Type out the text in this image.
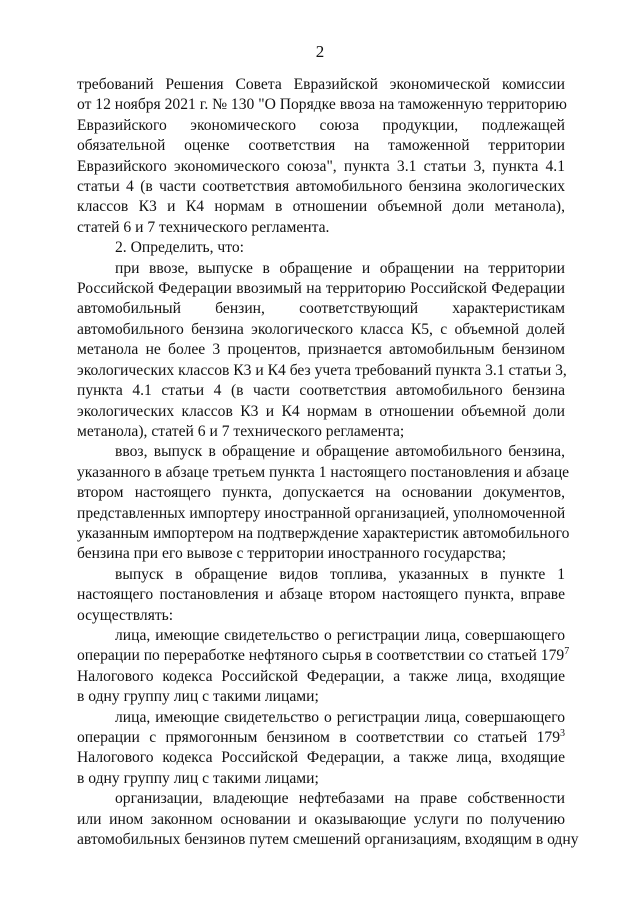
2
требований Решения Совета Евразийской экономической комиссии
от 12 ноября 2021 г. № 130 "О Порядке ввоза на таможенную территорию
Евразийского экономического союза продукции, подлежащей
обязательной оценке соответствия на таможенной территории
Евразийского экономического союза", пункта 3.1 статьи 3, пункта 4.1
статьи 4 (в части соответствия автомобильного бензина экологических
классов К3 и К4 нормам в отношении объемной доли метанола),
статей 6 и 7 технического регламента.
2. Определить, что:
при ввозе, выпуске в обращение и обращении на территории
Российской Федерации ввозимый на территорию Российской Федерации
автомобильный бензин, соответствующий характеристикам
автомобильного бензина экологического класса К5, с объемной долей
метанола не более 3 процентов, признается автомобильным бензином
экологических классов К3 и К4 без учета требований пункта 3.1 статьи 3,
пункта 4.1 статьи 4 (в части соответствия автомобильного бензина
экологических классов К3 и К4 нормам в отношении объемной доли
метанола), статей 6 и 7 технического регламента;
ввоз, выпуск в обращение и обращение автомобильного бензина,
указанного в абзаце третьем пункта 1 настоящего постановления и абзаце
втором настоящего пункта, допускается на основании документов,
представленных импортеру иностранной организацией, уполномоченной
указанным импортером на подтверждение характеристик автомобильного
бензина при его вывозе с территории иностранного государства;
выпуск в обращение видов топлива, указанных в пункте 1
настоящего постановления и абзаце втором настоящего пункта, вправе
осуществлять:
лица, имеющие свидетельство о регистрации лица, совершающего
операции по переработке нефтяного сырья в соответствии со статьей $179^7$
Налогового кодекса Российской Федерации, а также лица, входящие
в одну группу лиц с такими лицами;
лица, имеющие свидетельство о регистрации лица, совершающего
операции с прямогонным бензином в соответствии со статьей $179^3$
Налогового кодекса Российской Федерации, а также лица, входящие
в одну группу лиц с такими лицами;
организации, владеющие нефтебазами на праве собственности
или ином законном основании и оказывающие услуги по получению
автомобильных бензинов путем смешений организациям, входящим в одну
